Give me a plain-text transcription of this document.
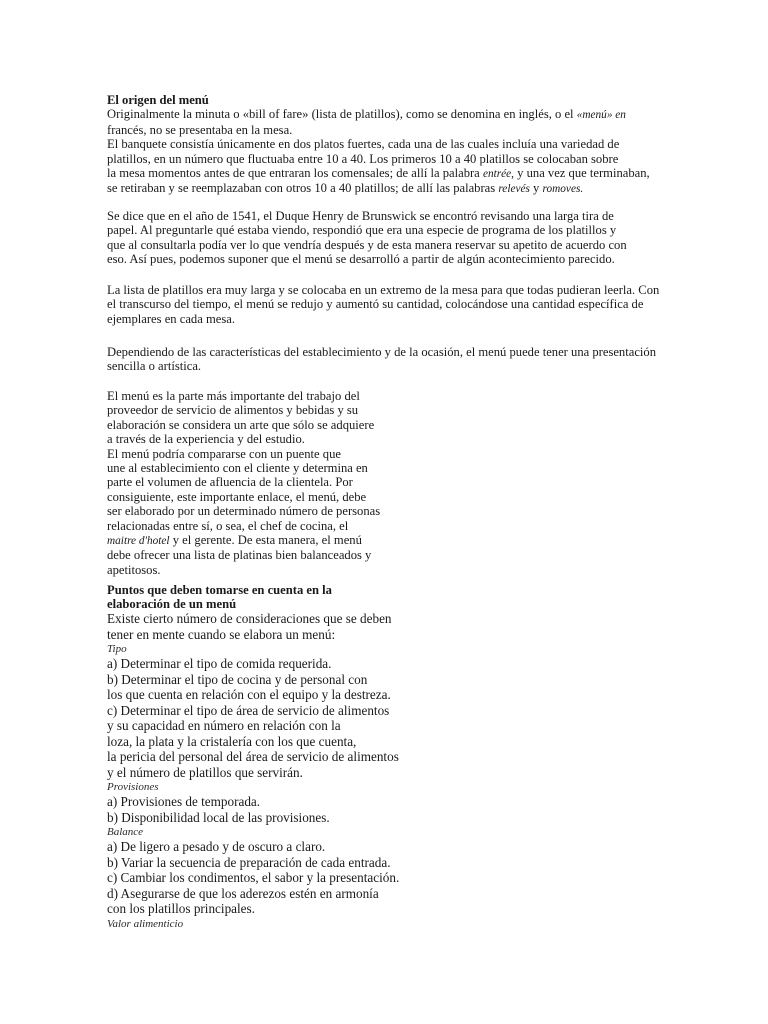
El origen del menú
Originalmente la minuta o «bill of fare» (lista de platillos), como se denomina en inglés, o el «menú» en
francés, no se presentaba en la mesa.
El banquete consistía únicamente en dos platos fuertes, cada una de las cuales incluía una variedad de
platillos, en un número que fluctuaba entre 10 a 40. Los primeros 10 a 40 platillos se colocaban sobre
la mesa momentos antes de que entraran los comensales; de allí la palabra entrée, y una vez que terminaban,
se retiraban y se reemplazaban con otros 10 a 40 platillos; de allí las palabras relevés y romoves.
Se dice que en el año de 1541, el Duque Henry de Brunswick se encontró revisando una larga tira de
papel. Al preguntarle qué estaba viendo, respondió que era una especie de programa de los platillos y
que al consultarla podía ver lo que vendría después y de esta manera reservar su apetito de acuerdo con
eso. Así pues, podemos suponer que el menú se desarrolló a partir de algún acontecimiento parecido.
La lista de platillos era muy larga y se colocaba en un extremo de la mesa para que todas pudieran leerla. Con
el transcurso del tiempo, el menú se redujo y aumentó su cantidad, colocándose una cantidad específica de
ejemplares en cada mesa.
Dependiendo de las características del establecimiento y de la ocasión, el menú puede tener una presentación
sencilla o artística.
El menú es la parte más importante del trabajo del
proveedor de servicio de alimentos y bebidas y su
elaboración se considera un arte que sólo se adquiere
a través de la experiencia y del estudio.
El menú podría compararse con un puente que
une al establecimiento con el cliente y determina en
parte el volumen de afluencia de la clientela. Por
consiguiente, este importante enlace, el menú, debe
ser elaborado por un determinado número de personas
relacionadas entre sí, o sea, el chef de cocina, el
maitre d'hotel y el gerente. De esta manera, el menú
debe ofrecer una lista de platinas bien balanceados y
apetitosos.
Puntos que deben tomarse en cuenta en la
elaboración de un menú
Existe cierto número de consideraciones que se deben
tener en mente cuando se elabora un menú:
Tipo
a) Determinar el tipo de comida requerida.
b) Determinar el tipo de cocina y de personal con
los que cuenta en relación con el equipo y la destreza.
c) Determinar el tipo de área de servicio de alimentos
y su capacidad en número en relación con la
loza, la plata y la cristalería con los que cuenta,
la pericia del personal del área de servicio de alimentos
y el número de platillos que servirán.
Provisiones
a) Provisiones de temporada.
b) Disponibilidad local de las provisiones.
Balance
a) De ligero a pesado y de oscuro a claro.
b) Variar la secuencia de preparación de cada entrada.
c) Cambiar los condimentos, el sabor y la presentación.
d) Asegurarse de que los aderezos estén en armonía
con los platillos principales.
Valor alimenticio
